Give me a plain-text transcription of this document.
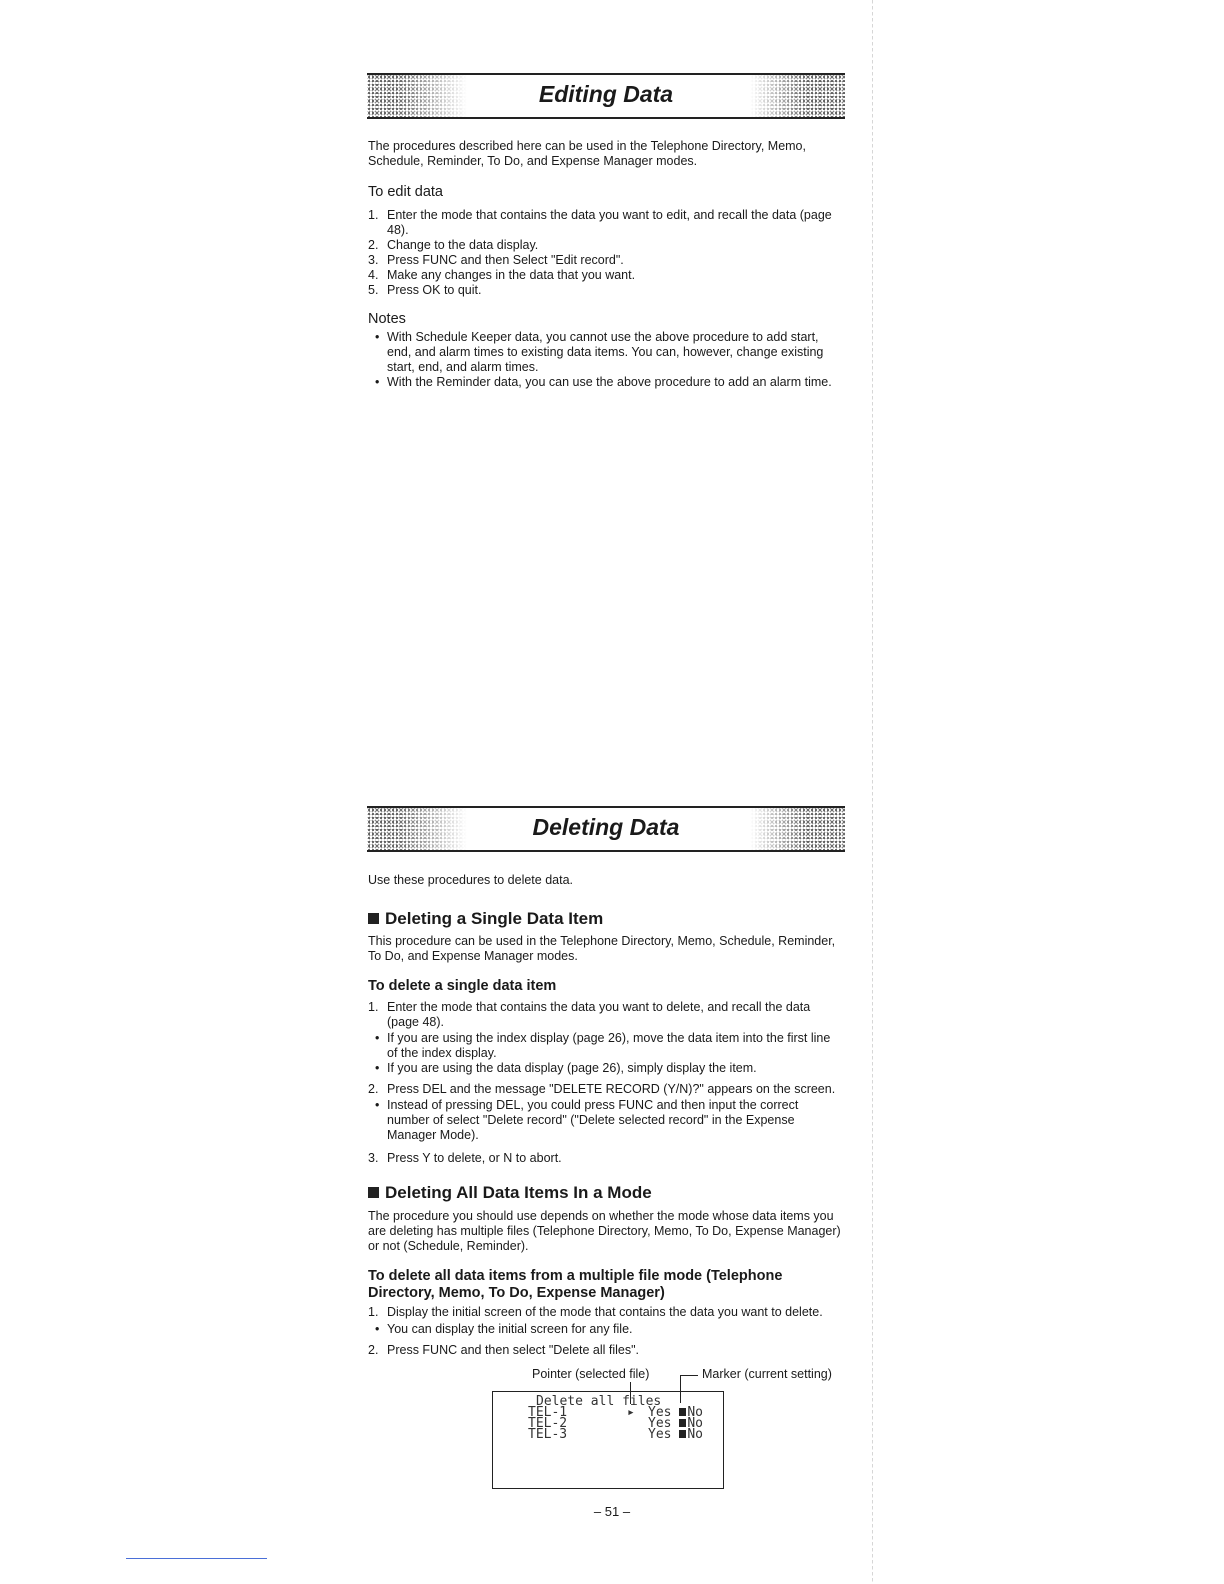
Editing Data
The procedures described here can be used in the Telephone Directory, Memo, Schedule, Reminder, To Do, and Expense Manager modes.
To edit data
1. Enter the mode that contains the data you want to edit, and recall the data (page 48).
2. Change to the data display.
3. Press FUNC and then Select "Edit record".
4. Make any changes in the data that you want.
5. Press OK to quit.
Notes
• With Schedule Keeper data, you cannot use the above procedure to add start, end, and alarm times to existing data items. You can, however, change existing start, end, and alarm times.
• With the Reminder data, you can use the above procedure to add an alarm time.
Deleting Data
Use these procedures to delete data.
Deleting a Single Data Item
This procedure can be used in the Telephone Directory, Memo, Schedule, Reminder, To Do, and Expense Manager modes.
To delete a single data item
1. Enter the mode that contains the data you want to delete, and recall the data (page 48).
• If you are using the index display (page 26), move the data item into the first line of the index display.
• If you are using the data display (page 26), simply display the item.
2. Press DEL and the message "DELETE RECORD (Y/N)?" appears on the screen.
• Instead of pressing DEL, you could press FUNC and then input the correct number of select "Delete record" ("Delete selected record" in the Expense Manager Mode).
3. Press Y to delete, or N to abort.
Deleting All Data Items In a Mode
The procedure you should use depends on whether the mode whose data items you are deleting has multiple files (Telephone Directory, Memo, To Do, Expense Manager) or not (Schedule, Reminder).
To delete all data items from a multiple file mode (Telephone Directory, Memo, To Do, Expense Manager)
1. Display the initial screen of the mode that contains the data you want to delete.
• You can display the initial screen for any file.
2. Press FUNC and then select "Delete all files".
Pointer (selected file)	Marker (current setting)
Delete all files
TEL-1	▸ Yes No
TEL-2	Yes No
TEL-3	Yes No
– 51 –
